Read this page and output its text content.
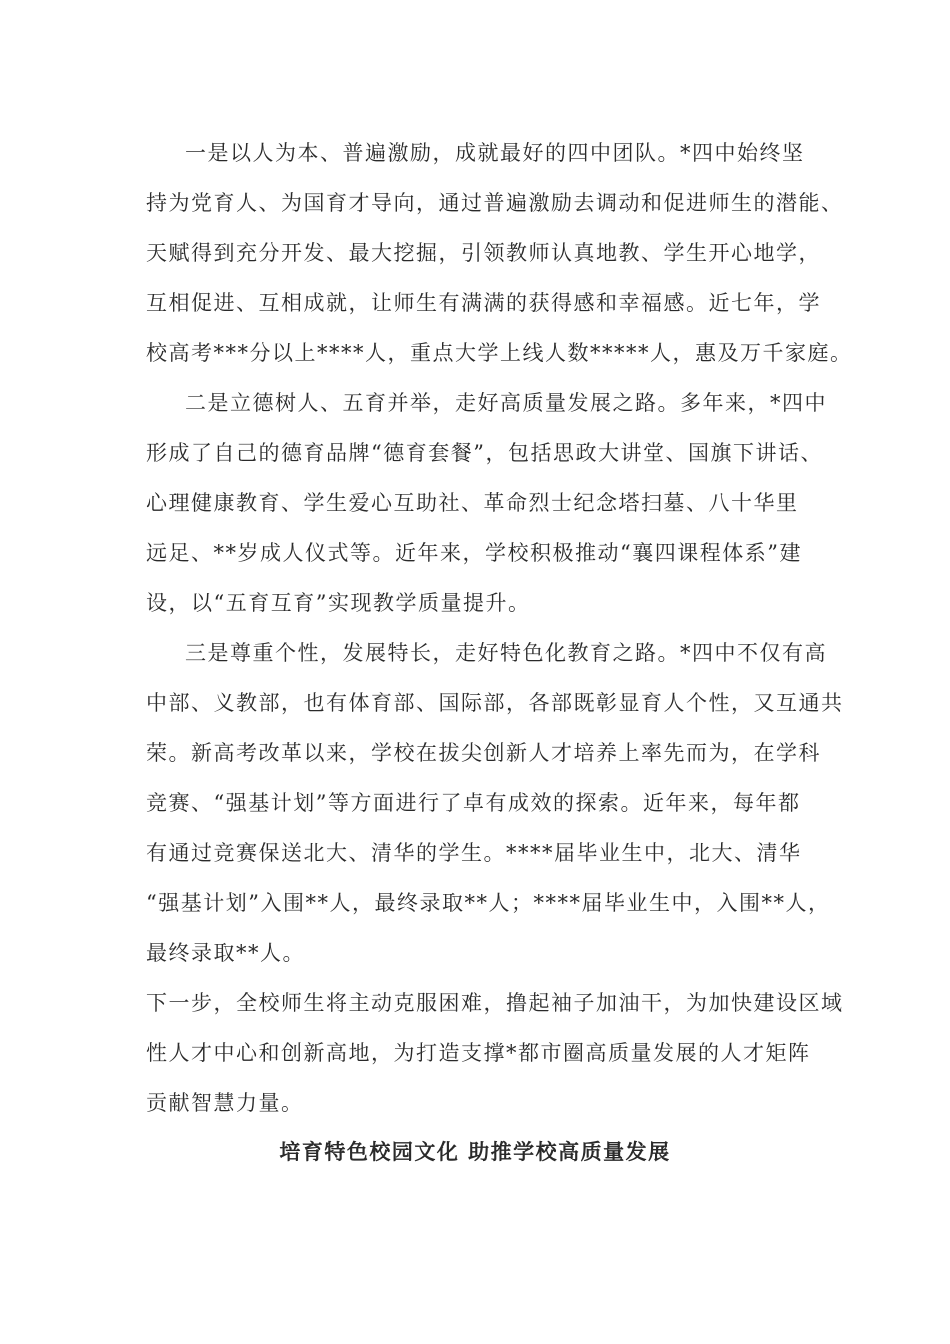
一是以人为本、普遍激励，成就最好的四中团队。*四中始终坚
持为党育人、为国育才导向，通过普遍激励去调动和促进师生的潜能、
天赋得到充分开发、最大挖掘，引领教师认真地教、学生开心地学，
互相促进、互相成就，让师生有满满的获得感和幸福感。近七年，学
校高考***分以上****人，重点大学上线人数*****人，惠及万千家庭。
二是立德树人、五育并举，走好高质量发展之路。多年来，*四中
形成了自己的德育品牌“德育套餐”，包括思政大讲堂、国旗下讲话、
心理健康教育、学生爱心互助社、革命烈士纪念塔扫墓、八十华里
远足、**岁成人仪式等。近年来，学校积极推动“襄四课程体系”建
设，以“五育互育”实现教学质量提升。
三是尊重个性，发展特长，走好特色化教育之路。*四中不仅有高
中部、义教部，也有体育部、国际部，各部既彰显育人个性，又互通共
荣。新高考改革以来，学校在拔尖创新人才培养上率先而为，在学科
竞赛、“强基计划”等方面进行了卓有成效的探索。近年来，每年都
有通过竞赛保送北大、清华的学生。****届毕业生中，北大、清华
“强基计划”入围**人，最终录取**人；****届毕业生中，入围**人，
最终录取**人。
下一步，全校师生将主动克服困难，撸起袖子加油干，为加快建设区域
性人才中心和创新高地，为打造支撑*都市圈高质量发展的人才矩阵
贡献智慧力量。
培育特色校园文化 助推学校高质量发展
